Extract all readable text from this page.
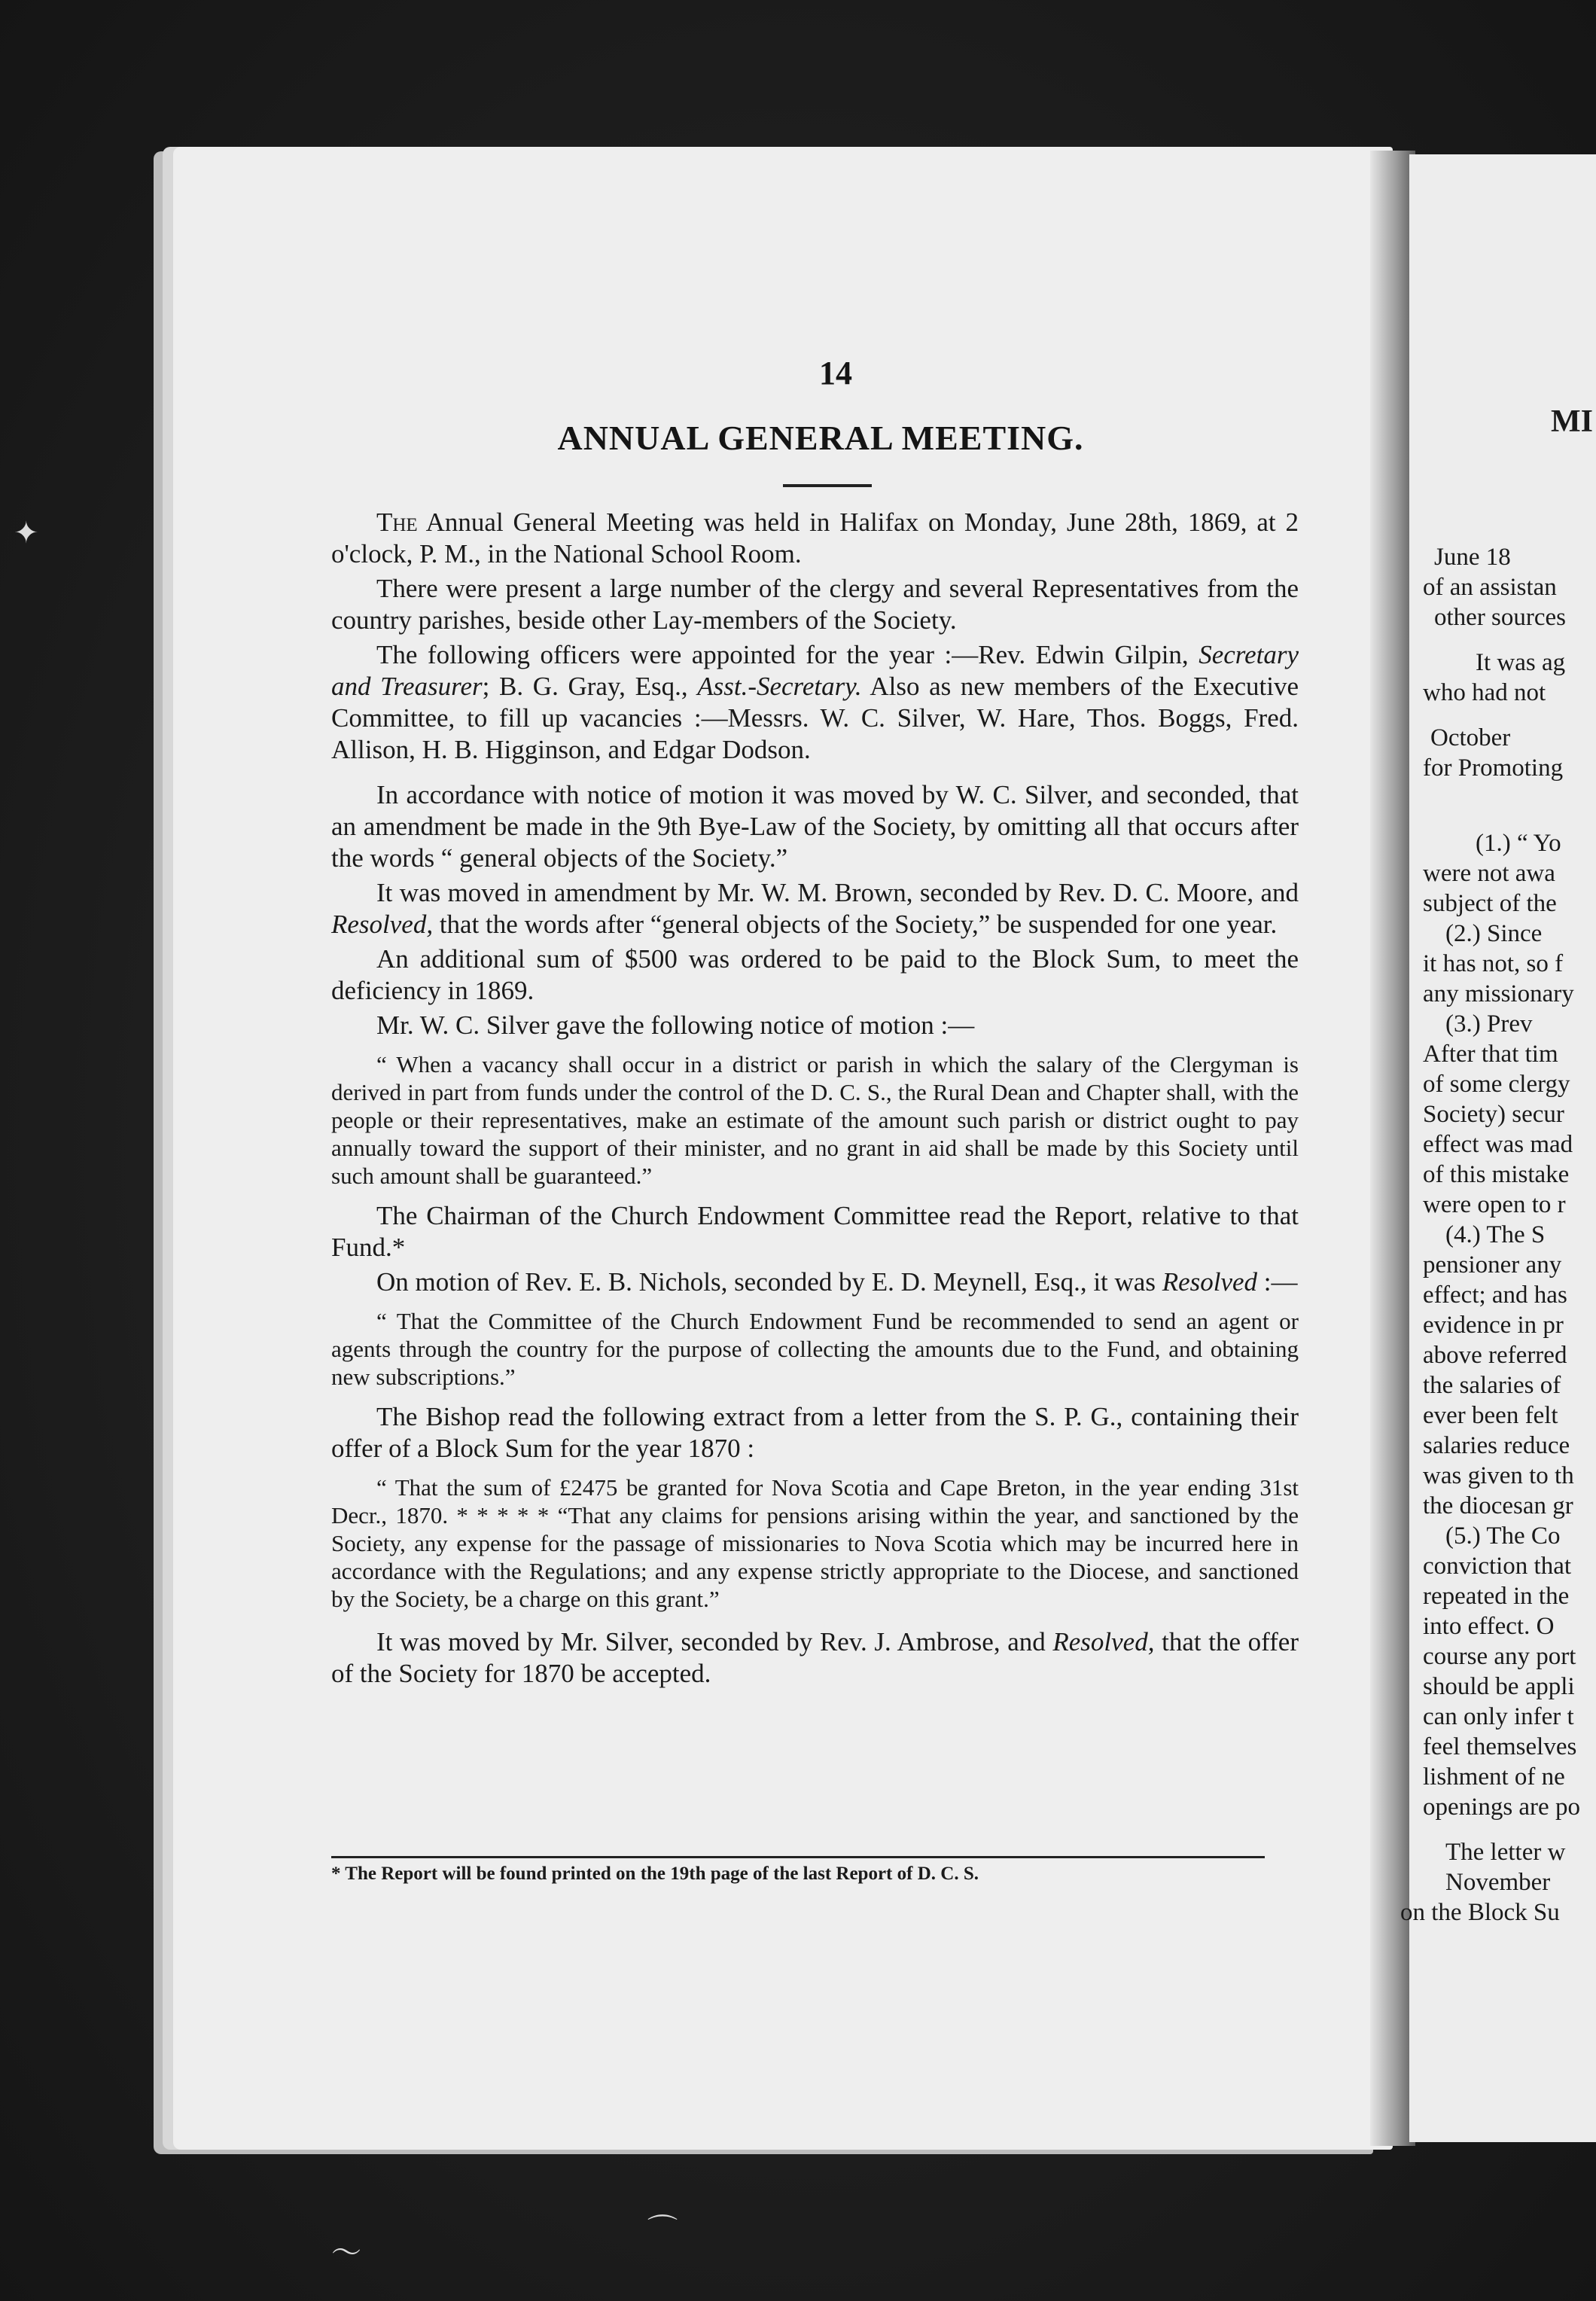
✦
〜
⌒
14
ANNUAL GENERAL MEETING.

The Annual General Meeting was held in Halifax on Monday, June 28th, 1869, at 2 o'clock, P. M., in the National School Room.

There were present a large number of the clergy and several Representatives from the country parishes, beside other Lay-members of the Society.

The following officers were appointed for the year :—Rev. Edwin Gilpin, Secretary and Treasurer; B. G. Gray, Esq., Asst.-Secretary. Also as new members of the Executive Committee, to fill up vacancies :—Messrs. W. C. Silver, W. Hare, Thos. Boggs, Fred. Allison, H. B. Higginson, and Edgar Dodson.

In accordance with notice of motion it was moved by W. C. Silver, and seconded, that an amendment be made in the 9th Bye-Law of the Society, by omitting all that occurs after the words “ general objects of the Society.”

It was moved in amendment by Mr. W. M. Brown, seconded by Rev. D. C. Moore, and Resolved, that the words after “general objects of the Society,” be suspended for one year.

An additional sum of $500 was ordered to be paid to the Block Sum, to meet the deficiency in 1869.

Mr. W. C. Silver gave the following notice of motion :—

“ When a vacancy shall occur in a district or parish in which the salary of the Clergyman is derived in part from funds under the control of the D. C. S., the Rural Dean and Chapter shall, with the people or their representatives, make an estimate of the amount such parish or district ought to pay annually toward the support of their minister, and no grant in aid shall be made by this Society until such amount shall be guaranteed.”

The Chairman of the Church Endowment Committee read the Report, relative to that Fund.*

On motion of Rev. E. B. Nichols, seconded by E. D. Meynell, Esq., it was Resolved :—

“ That the Committee of the Church Endowment Fund be recommended to send an agent or agents through the country for the purpose of collecting the amounts due to the Fund, and obtaining new subscriptions.”

The Bishop read the following extract from a letter from the S. P. G., containing their offer of a Block Sum for the year 1870 :

“ That the sum of £2475 be granted for Nova Scotia and Cape Breton, in the year ending 31st Decr., 1870. * * * * * “That any claims for pensions arising within the year, and sanctioned by the Society, any expense for the passage of missionaries to Nova Scotia which may be incurred here in accordance with the Regulations; and any expense strictly appropriate to the Diocese, and sanctioned by the Society, be a charge on this grant.”

It was moved by Mr. Silver, seconded by Rev. J. Ambrose, and Resolved, that the offer of the Society for 1870 be accepted.

* The Report will be found printed on the 19th page of the last Report of D. C. S.
MI
June 18
of an assistan
other sources
It was ag
who had not
October
for Promoting
(1.) “ Yo
were not awa
subject of the
(2.) Since
it has not, so f
any missionary
(3.) Prev
After that tim
of some clergy
Society) secur
effect was mad
of this mistake
were open to r
(4.) The S
pensioner any
effect; and has
evidence in pr
above referred
the salaries of
ever been felt
salaries reduce
was given to th
the diocesan gr
(5.) The Co
conviction that
repeated in the
into effect. O
course any port
should be appli
can only infer t
feel themselves
lishment of ne
openings are po
The letter w
November
on the Block Su
